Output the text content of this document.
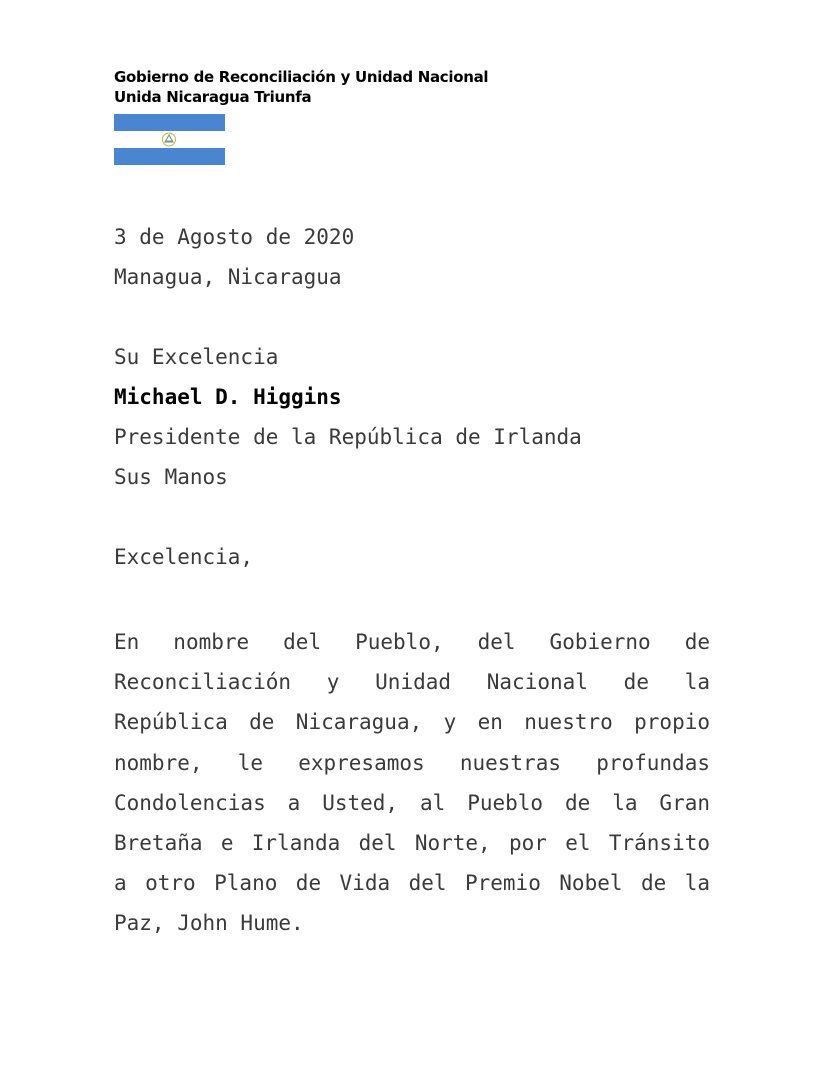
Gobierno de Reconciliación y Unidad Nacional
Unida Nicaragua Triunfa
3 de Agosto de 2020
Managua, Nicaragua
Su Excelencia
Michael D. Higgins
Presidente de la República de Irlanda
Sus Manos
Excelencia,
En nombre del Pueblo, del Gobierno de
Reconciliación y Unidad Nacional de la
República de Nicaragua, y en nuestro propio
nombre, le expresamos nuestras profundas
Condolencias a Usted, al Pueblo de la Gran
Bretaña e Irlanda del Norte, por el Tránsito
a otro Plano de Vida del Premio Nobel de la
Paz, John Hume.
